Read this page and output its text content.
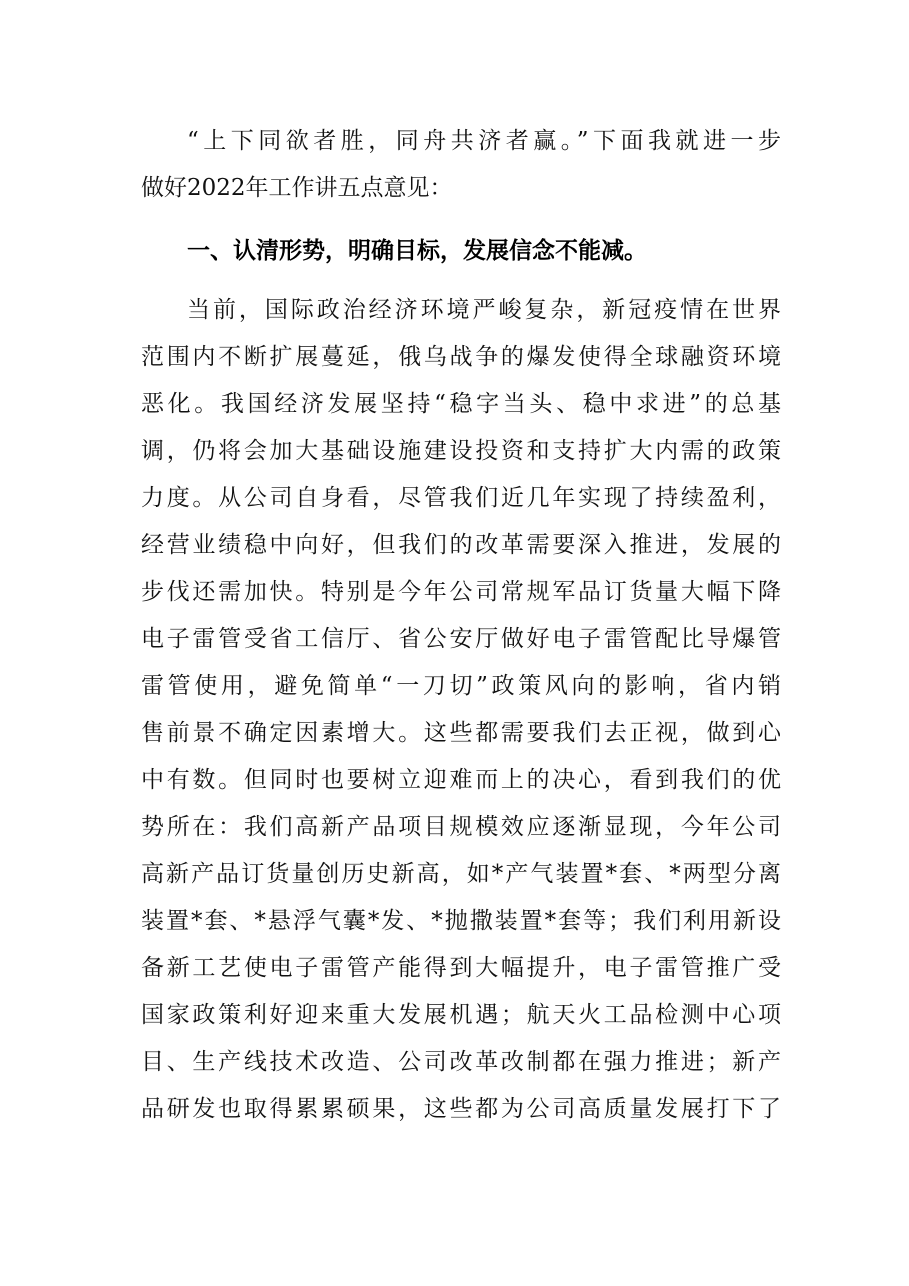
“上下同欲者胜，同舟共济者赢。”下面我就进一步
做好2022年工作讲五点意见：
一、认清形势，明确目标，发展信念不能减。
当前，国际政治经济环境严峻复杂，新冠疫情在世界
范围内不断扩展蔓延，俄乌战争的爆发使得全球融资环境
恶化。我国经济发展坚持“稳字当头、稳中求进”的总基
调，仍将会加大基础设施建设投资和支持扩大内需的政策
力度。从公司自身看，尽管我们近几年实现了持续盈利，
经营业绩稳中向好，但我们的改革需要深入推进，发展的
步伐还需加快。特别是今年公司常规军品订货量大幅下降
电子雷管受省工信厅、省公安厅做好电子雷管配比导爆管
雷管使用，避免简单“一刀切”政策风向的影响，省内销
售前景不确定因素增大。这些都需要我们去正视，做到心
中有数。但同时也要树立迎难而上的决心，看到我们的优
势所在：我们高新产品项目规模效应逐渐显现，今年公司
高新产品订货量创历史新高，如*产气装置*套、*两型分离
装置*套、*悬浮气囊*发、*抛撒装置*套等；我们利用新设
备新工艺使电子雷管产能得到大幅提升，电子雷管推广受
国家政策利好迎来重大发展机遇；航天火工品检测中心项
目、生产线技术改造、公司改革改制都在强力推进；新产
品研发也取得累累硕果，这些都为公司高质量发展打下了
